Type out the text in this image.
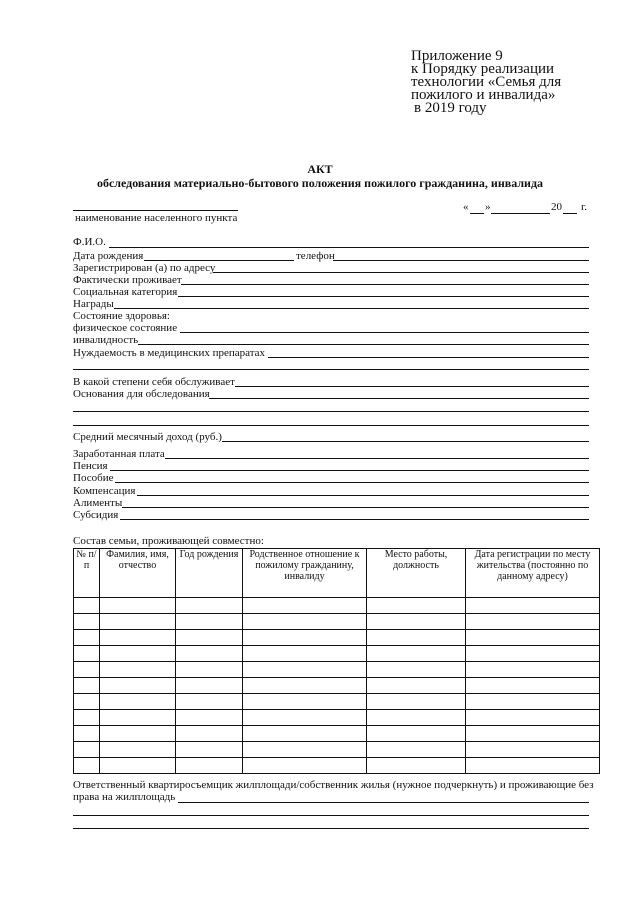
Приложение 9
к Порядку реализации
технологии «Семья для
пожилого и инвалида»
в 2019 году
АКТ
обследования материально-бытового положения пожилого гражданина, инвалида
наименование населенного пункта
« »	20 г.
Ф.И.О.
Дата рождения	телефон
Зарегистрирован (а) по адресу
Фактически проживает
Социальная категория
Награды
Состояние здоровья:
физическое состояние
инвалидность
Нуждаемость в медицинских препаратах
В какой степени себя обслуживает
Основания для обследования
Средний месячный доход (руб.)
Заработанная плата
Пенсия
Пособие
Компенсация
Алименты
Субсидия
Состав семьи, проживающей совместно:
№ п/п	Фамилия, имя, отчество	Год рождения	Родственное отношение к пожилому гражданину, инвалиду	Место работы, должность	Дата регистрации по месту жительства (постоянно по данному адресу)

Ответственный квартиросъемщик жилплощади/собственник жилья (нужное подчеркнуть) и проживающие без
права на жилплощадь
